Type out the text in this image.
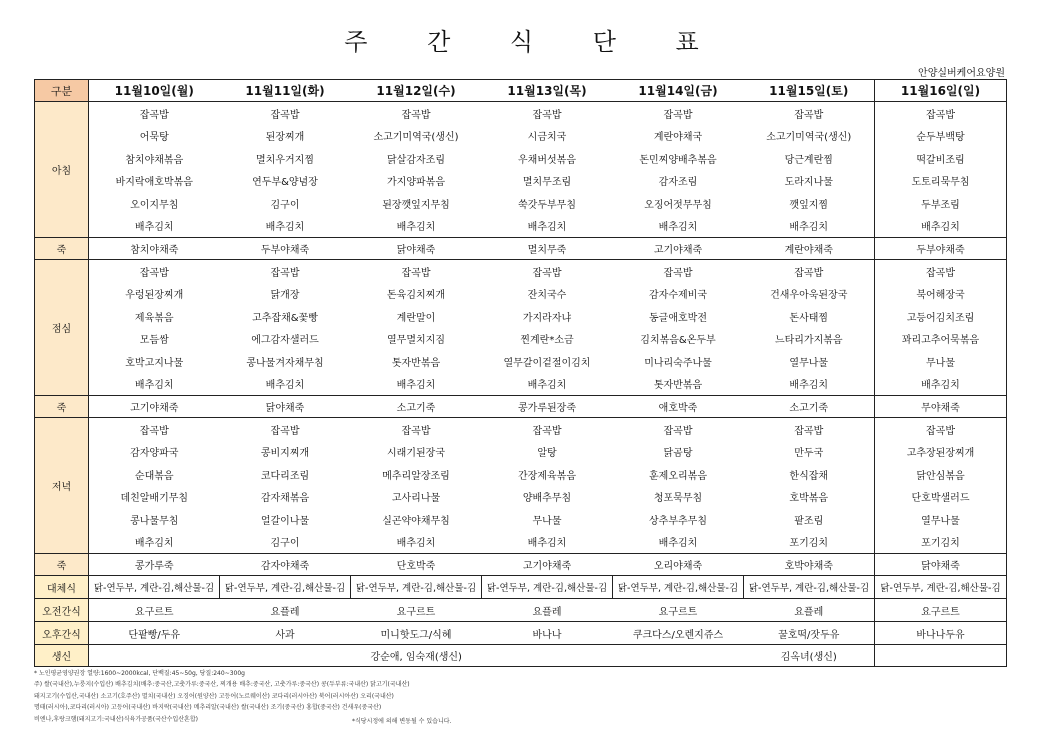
주 간 식 단 표
안양실버케어요양원
구분	11월10일(월)	11월11일(화)	11월12일(수)	11월13일(목)	11월14일(금)	11월15일(토)	11월16일(일)
아침	잡곡밥	잡곡밥	잡곡밥	잡곡밥	잡곡밥	잡곡밥	잡곡밥
	어묵탕	된장찌개	소고기미역국(생신)	시금치국	계란야채국	소고기미역국(생신)	순두부백탕
	참치야채볶음	멸치우거지찜	닭살감자조림	우채버섯볶음	돈민찌양배추볶음	당근계란찜	떡갈비조림
	바지락애호박볶음	연두부&양념장	가지양파볶음	멸치무조림	감자조림	도라지나물	도토리묵무침
	오이지무침	김구이	된장깻잎지무침	쑥갓두부무침	오징어젓무무침	깻잎지찜	두부조림
	배추김치	배추김치	배추김치	배추김치	배추김치	배추김치	배추김치
죽	참치야채죽	두부야채죽	닭야채죽	멸치무죽	고기야채죽	계란야채죽	두부야채죽
점심	잡곡밥	잡곡밥	잡곡밥	잡곡밥	잡곡밥	잡곡밥	잡곡밥
	우렁된장찌개	닭개장	돈육김치찌개	잔치국수	감자수제비국	건새우아욱된장국	북어해장국
	제육볶음	고추잡채&꽃빵	계란말이	가지라자냐	동글애호박전	돈사태찜	고등어김치조림
	모듬쌈	에그감자샐러드	열무멸치지짐	찐계란*소금	김치볶음&온두부	느타리가지볶음	꽈리고추어묵볶음
	호박고지나물	콩나물겨자채무침	톳자반볶음	열무갈이겉절이김치	미나리숙주나물	열무나물	무나물
	배추김치	배추김치	배추김치	배추김치	톳자반볶음	배추김치	배추김치
죽	고기야채죽	닭야채죽	소고기죽	콩가루된장죽	애호박죽	소고기죽	무야채죽
저녁	잡곡밥	잡곡밥	잡곡밥	잡곡밥	잡곡밥	잡곡밥	잡곡밥
	감자양파국	콩비지찌개	시래기된장국	알탕	닭곰탕	만두국	고추장된장찌개
	순대볶음	코다리조림	메추리알장조림	간장제육볶음	훈제오리볶음	한식잡채	닭안심볶음
	데친알배기무침	감자채볶음	고사리나물	양배추무침	청포묵무침	호박볶음	단호박샐러드
	콩나물무침	얼갈이나물	실곤약야채무침	무나물	상추부추무침	팥조림	열무나물
	배추김치	김구이	배추김치	배추김치	배추김치	포기김치	포기김치
죽	콩가루죽	감자야채죽	단호박죽	고기야채죽	오리야채죽	호박야채죽	닭야채죽
대체식	닭-연두부, 계란-김,해산물-김	닭-연두부, 계란-김,해산물-김	닭-연두부, 계란-김,해산물-김	닭-연두부, 계란-김,해산물-김	닭-연두부, 계란-김,해산물-김	닭-연두부, 계란-김,해산물-김	닭-연두부, 계란-김,해산물-김
오전간식	요구르트	요플레	요구르트	요플레	요구르트	요플레	요구르트
오후간식	단팥빵/두유	사과	미니핫도그/식혜	바나나	쿠크다스/오렌지쥬스	꿀호떡/잣두유	바나나두유
생신	강순애, 임숙재(생신)					김옥녀(생신)	
* 노인평균영양권장 열량:1600~2000kcal, 단백질:45~50g, 당질:240~300g
주) 쌀(국내산),누룽지(수입산) 배추김치(배추:중국산,고춧가루:중국산, 찌개용 배추:중국산, 고춧가루:중국산) 콩(두부류:국내산) 닭고기(국내산)
돼지고기(수입산,국내산) 소고기(호주산) 멸치(국내산) 오징어(원양산) 고등어(노르웨이산) 코다리(러시아산) 북어(러시아산) 오리(국내산)
명태(러시아),코다리(러시아) 고등어(국내산) 바지락(국내산) 메추리알(국내산) 쌀(국내산) 조기(중국산) 홍합(중국산) 건새우(중국산)
비엔나,후랑크햄(돼지고기:국내산)식육가공품(국산수입산혼합)	*식당시정에 의해 변동될 수 있습니다.
